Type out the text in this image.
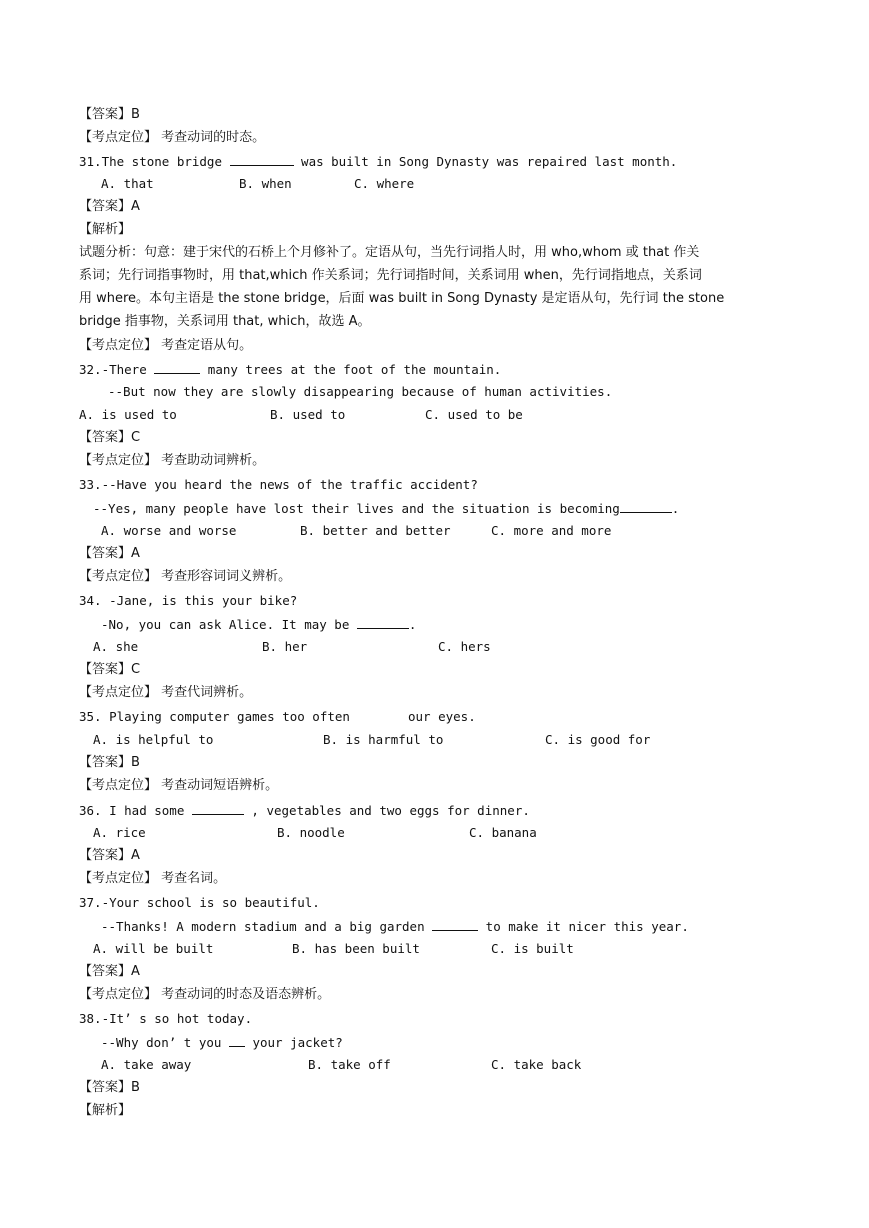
【答案】B
【考点定位】 考查动词的时态。
31.The stone bridge	was built in Song Dynasty was repaired last month.
A. that	B. when	C. where
【答案】A
【解析】
试题分析：句意：建于宋代的石桥上个月修补了。定语从句，当先行词指人时，用 who,whom 或 that 作关
系词；先行词指事物时，用 that,which 作关系词；先行词指时间，关系词用 when，先行词指地点，关系词
用 where。本句主语是 the stone bridge，后面 was built in Song Dynasty 是定语从句，先行词 the stone
bridge 指事物，关系词用 that, which，故选 A。
【考点定位】 考查定语从句。
32.-There	many trees at the foot of the mountain.
--But now they are slowly disappearing because of human activities.
A. is used to	B. used to	C. used to be
【答案】C
【考点定位】 考查助动词辨析。
33.--Have you heard the news of the traffic accident?
--Yes, many people have lost their lives and the situation is becoming	.
A. worse and worse	B. better and better	C. more and more
【答案】A
【考点定位】 考查形容词词义辨析。
34. -Jane, is this your bike?
-No, you can ask Alice. It may be	.
A. she	B. her	C. hers
【答案】C
【考点定位】 考查代词辨析。
35. Playing computer games too often	our eyes.
A. is helpful to	B. is harmful to	C. is good for
【答案】B
【考点定位】 考查动词短语辨析。
36. I had some	, vegetables and two eggs for dinner.
A. rice	B. noodle	C. banana
【答案】A
【考点定位】 考查名词。
37.-Your school is so beautiful.
--Thanks! A modern stadium and a big garden	to make it nicer this year.
A. will be built	B. has been built	C. is built
【答案】A
【考点定位】 考查动词的时态及语态辨析。
38.-It’ s so hot today.
--Why don’ t you  your jacket?
A. take away	B. take off	C. take back
【答案】B
【解析】
